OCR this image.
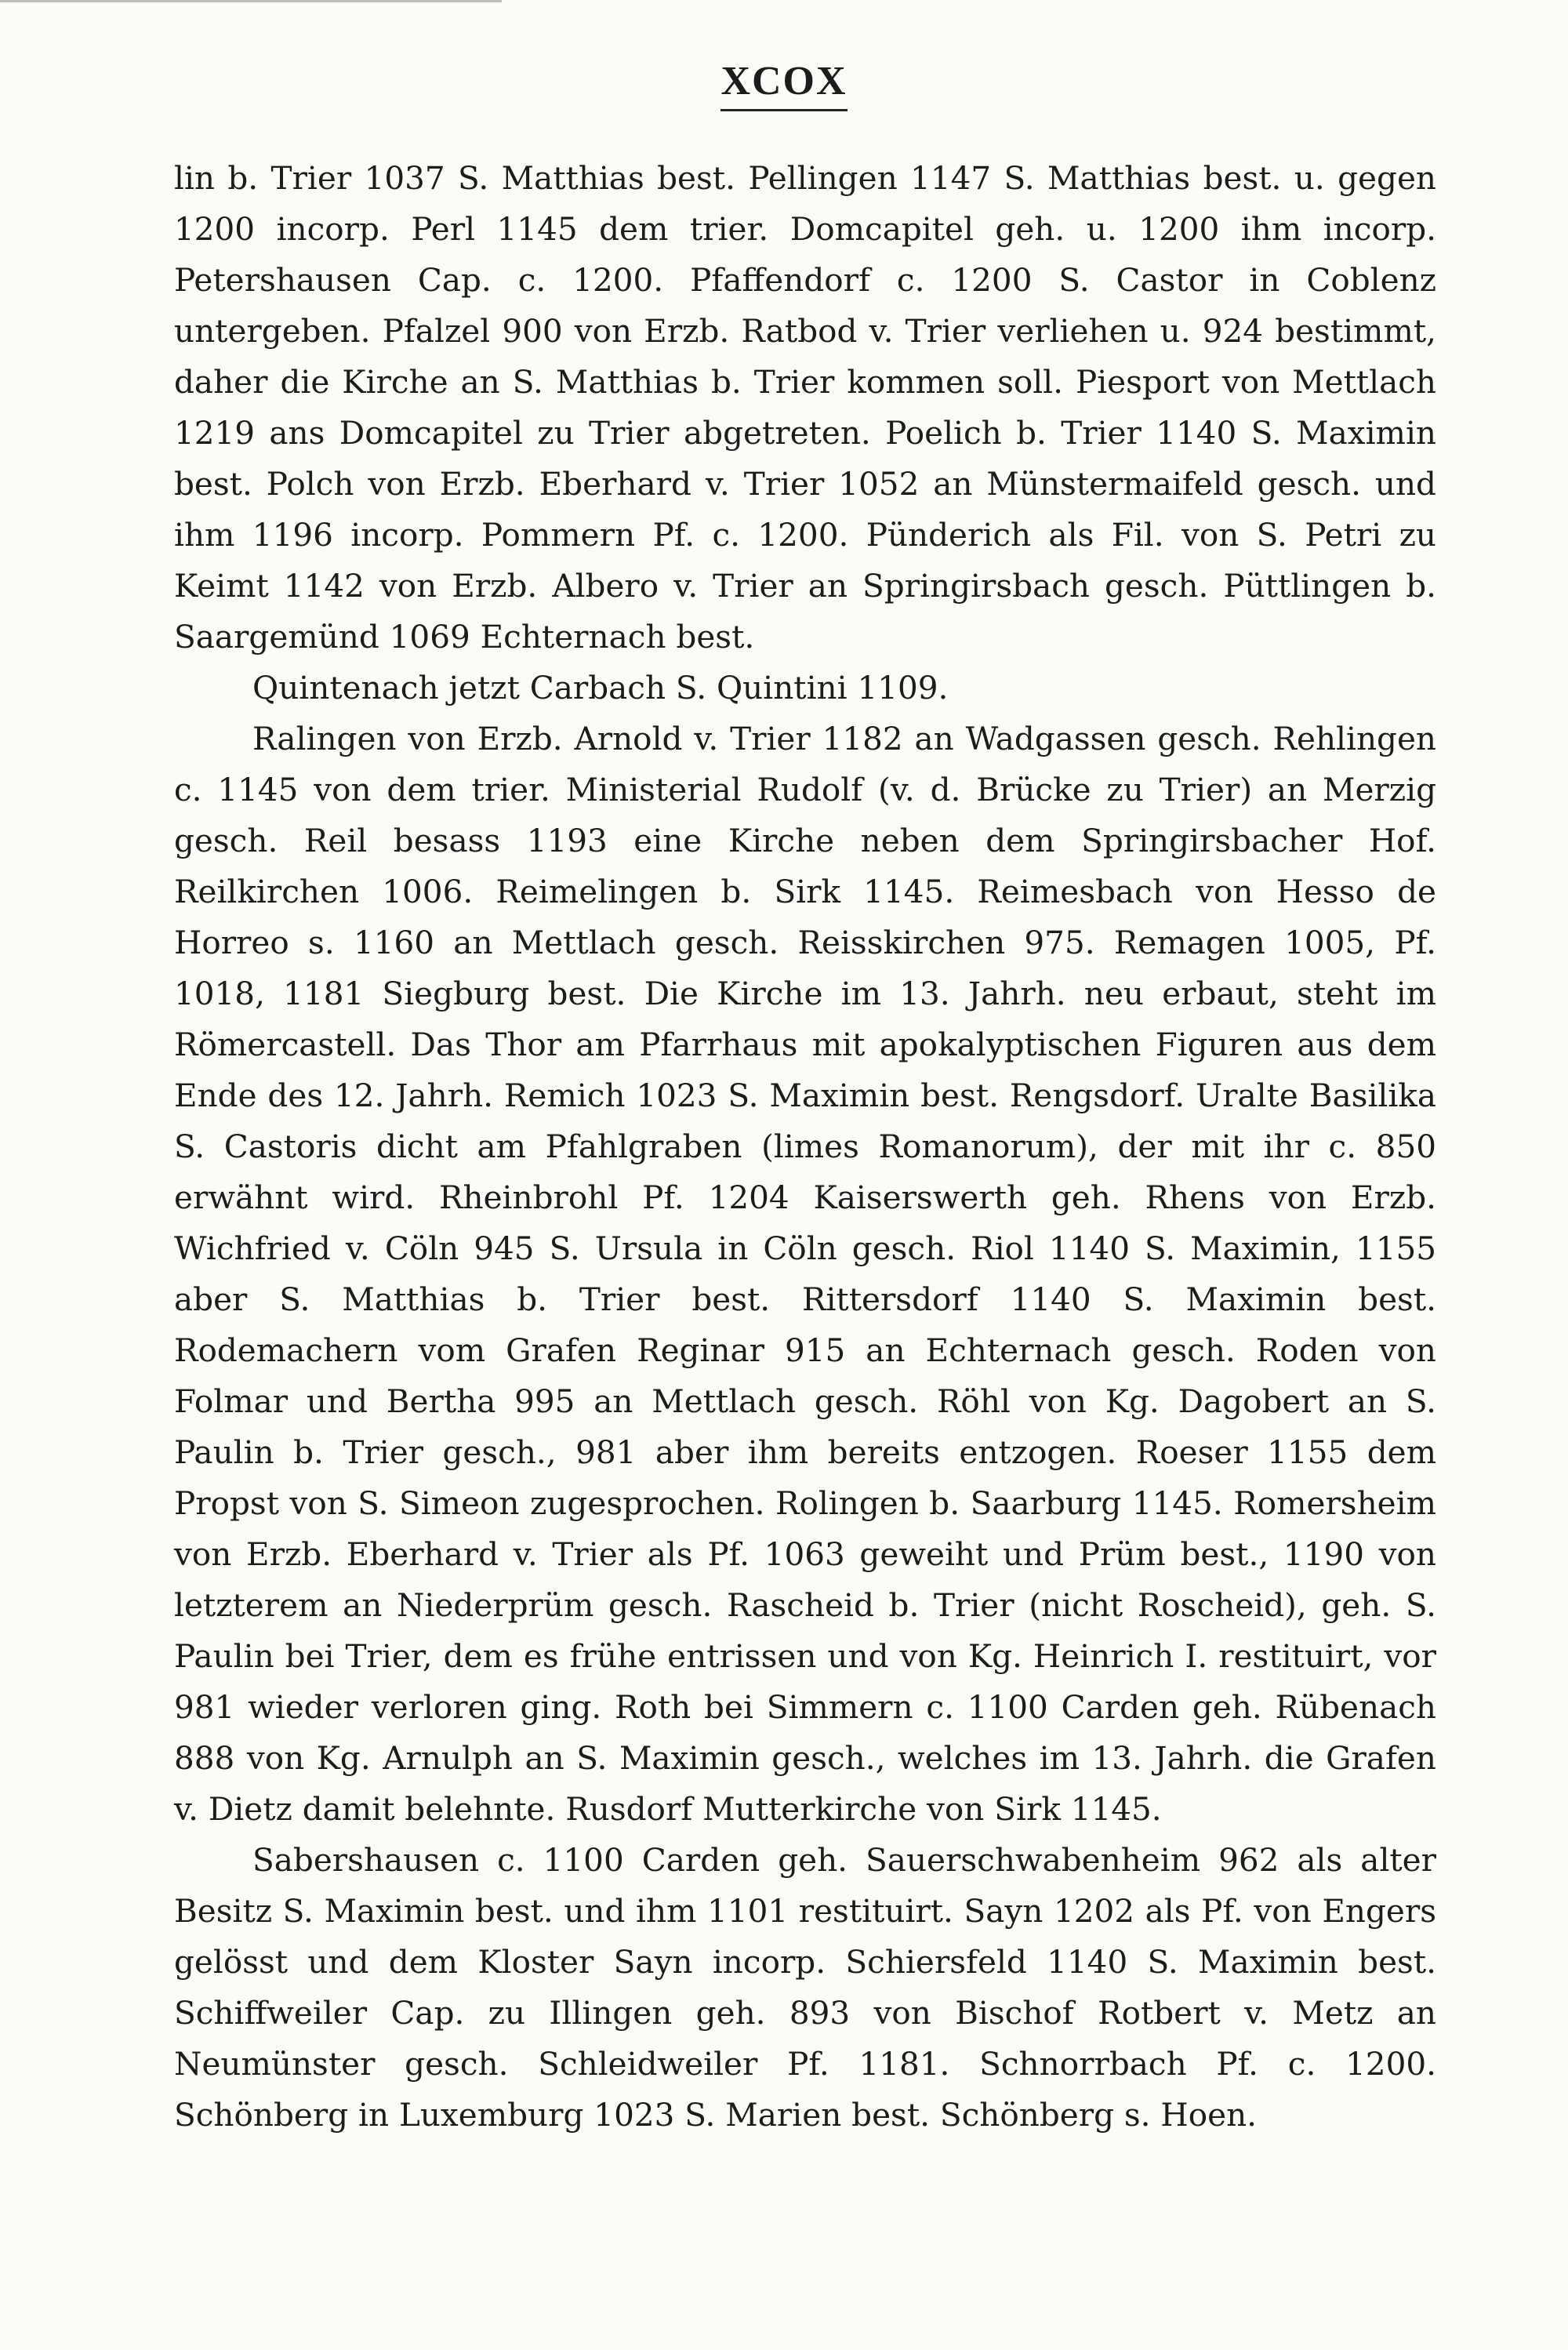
XCOX

lin b. Trier 1037 S. Matthias best. Pellingen 1147 S. Matthias best. u. gegen 1200 incorp. Perl 1145 dem trier. Domcapitel geh. u. 1200 ihm incorp. Petershausen Cap. c. 1200. Pfaffendorf c. 1200 S. Castor in Coblenz untergeben. Pfalzel 900 von Erzb. Ratbod v. Trier verliehen u. 924 bestimmt, daher die Kirche an S. Matthias b. Trier kommen soll. Piesport von Mettlach 1219 ans Domcapitel zu Trier abgetreten. Poelich b. Trier 1140 S. Maximin best. Polch von Erzb. Eberhard v. Trier 1052 an Münstermaifeld gesch. und ihm 1196 incorp. Pommern Pf. c. 1200. Pünderich als Fil. von S. Petri zu Keimt 1142 von Erzb. Albero v. Trier an Springirsbach gesch. Püttlingen b. Saargemünd 1069 Echternach best.

Quintenach jetzt Carbach S. Quintini 1109.

Ralingen von Erzb. Arnold v. Trier 1182 an Wadgassen gesch. Rehlingen c. 1145 von dem trier. Ministerial Rudolf (v. d. Brücke zu Trier) an Merzig gesch. Reil besass 1193 eine Kirche neben dem Springirsbacher Hof. Reilkirchen 1006. Reimelingen b. Sirk 1145. Reimesbach von Hesso de Horreo s. 1160 an Mettlach gesch. Reisskirchen 975. Remagen 1005, Pf. 1018, 1181 Siegburg best. Die Kirche im 13. Jahrh. neu erbaut, steht im Römercastell. Das Thor am Pfarrhaus mit apokalyptischen Figuren aus dem Ende des 12. Jahrh. Remich 1023 S. Maximin best. Rengsdorf. Uralte Basilika S. Castoris dicht am Pfahlgraben (limes Romanorum), der mit ihr c. 850 erwähnt wird. Rheinbrohl Pf. 1204 Kaiserswerth geh. Rhens von Erzb. Wichfried v. Cöln 945 S. Ursula in Cöln gesch. Riol 1140 S. Maximin, 1155 aber S. Matthias b. Trier best. Rittersdorf 1140 S. Maximin best. Rodemachern vom Grafen Reginar 915 an Echternach gesch. Roden von Folmar und Bertha 995 an Mettlach gesch. Röhl von Kg. Dagobert an S. Paulin b. Trier gesch., 981 aber ihm bereits entzogen. Roeser 1155 dem Propst von S. Simeon zugesprochen. Rolingen b. Saarburg 1145. Romersheim von Erzb. Eberhard v. Trier als Pf. 1063 geweiht und Prüm best., 1190 von letzterem an Niederprüm gesch. Rascheid b. Trier (nicht Roscheid), geh. S. Paulin bei Trier, dem es frühe entrissen und von Kg. Heinrich I. restituirt, vor 981 wieder verloren ging. Roth bei Simmern c. 1100 Carden geh. Rübenach 888 von Kg. Arnulph an S. Maximin gesch., welches im 13. Jahrh. die Grafen v. Dietz damit belehnte. Rusdorf Mutterkirche von Sirk 1145.

Sabershausen c. 1100 Carden geh. Sauerschwabenheim 962 als alter Besitz S. Maximin best. und ihm 1101 restituirt. Sayn 1202 als Pf. von Engers gelösst und dem Kloster Sayn incorp. Schiersfeld 1140 S. Maximin best. Schiffweiler Cap. zu Illingen geh. 893 von Bischof Rotbert v. Metz an Neumünster gesch. Schleidweiler Pf. 1181. Schnorrbach Pf. c. 1200. Schönberg in Luxemburg 1023 S. Marien best. Schönberg s. Hoen.
